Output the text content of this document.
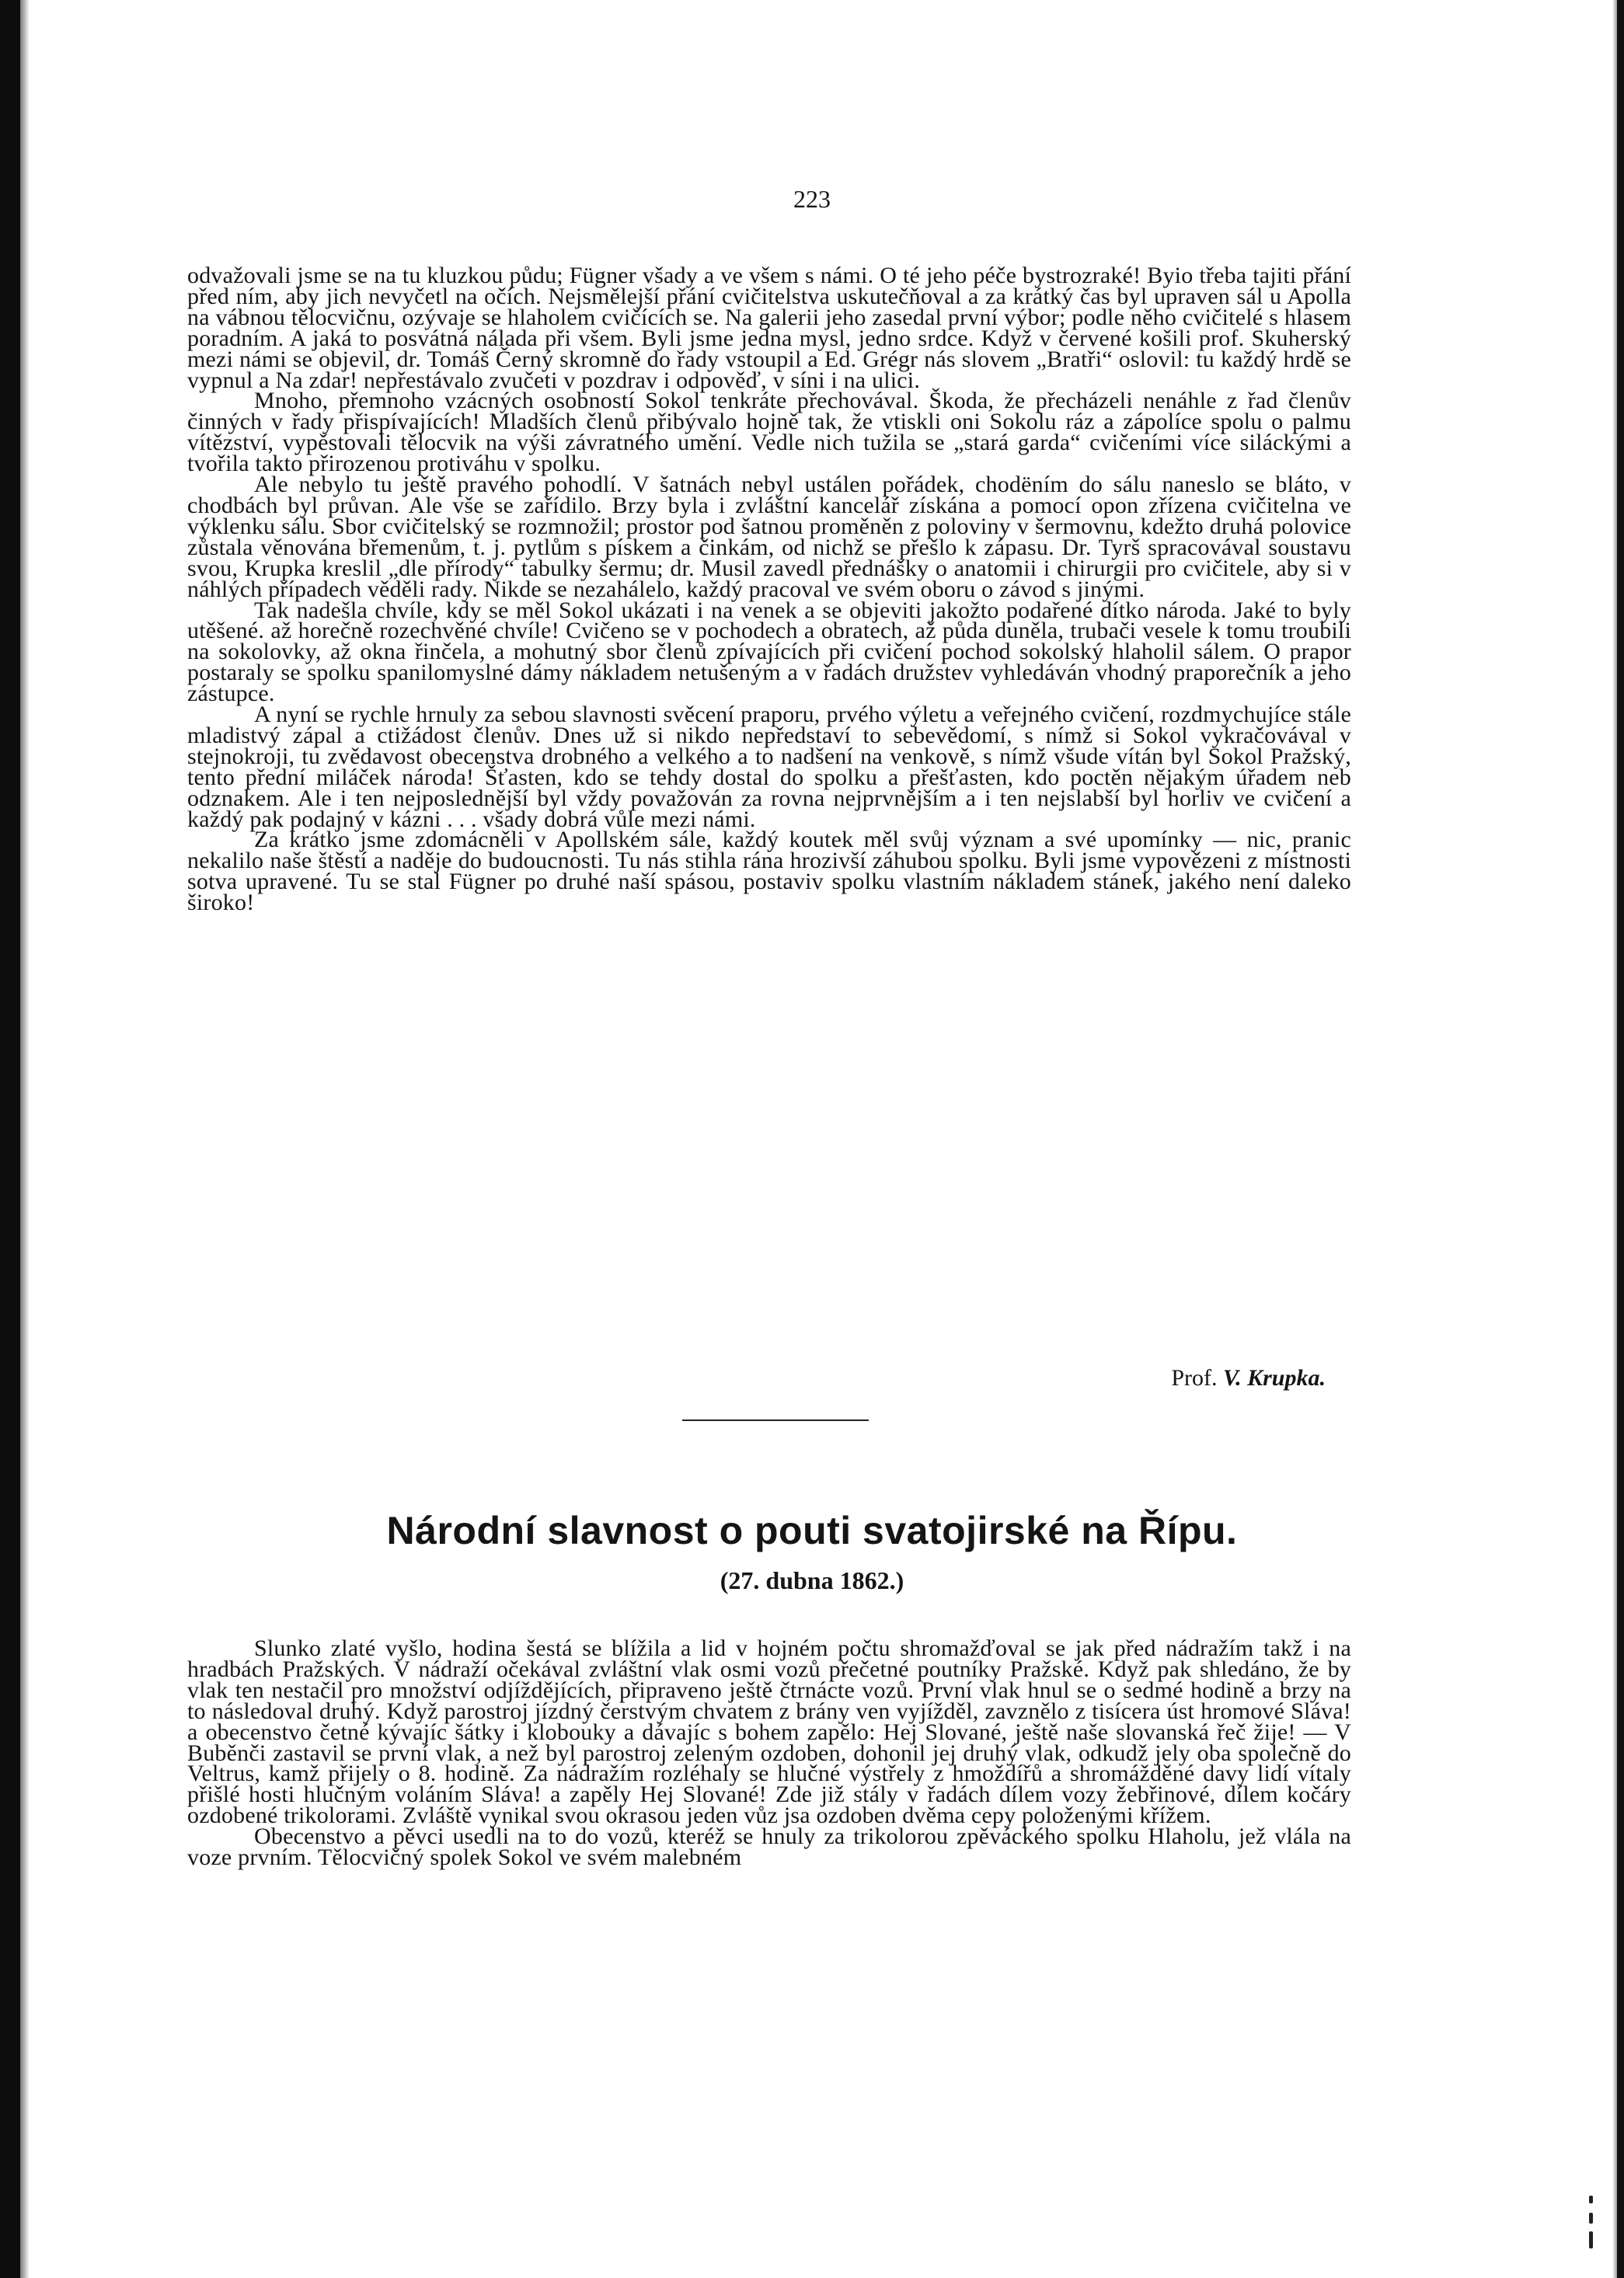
223

odvažovali jsme se na tu kluzkou půdu; Fügner všady a ve všem s námi. O té jeho péče bystrozraké! Byio třeba tajiti přání před ním, aby jich nevyčetl na očích. Nejsmělejší přání cvičitelstva uskutečňoval a za krátký čas byl upraven sál u Apolla na vábnou tělocvičnu, ozývaje se hlaholem cvičících se. Na galerii jeho zasedal první výbor; podle něho cvičitelé s hlasem poradním. A jaká to posvátná nálada při všem. Byli jsme jedna mysl, jedno srdce. Když v červené košili prof. Skuherský mezi námi se objevil, dr. Tomáš Černý skromně do řady vstoupil a Ed. Grégr nás slovem „Bratři“ oslovil: tu každý hrdě se vypnul a Na zdar! nepřestávalo zvučeti v pozdrav i odpověď, v síni i na ulici.

Mnoho, přemnoho vzácných osobností Sokol tenkráte přechovával. Škoda, že přecházeli nenáhle z řad členův činných v řady přispívajících! Mladších členů přibývalo hojně tak, že vtiskli oni Sokolu ráz a zápolíce spolu o palmu vítězství, vypěstovali tělocvik na výši závratného umění. Vedle nich tužila se „stará garda“ cvičeními více siláckými a tvořila takto přirozenou protiváhu v spolku.

Ale nebylo tu ještě pravého pohodlí. V šatnách nebyl ustálen pořádek, chodëním do sálu naneslo se bláto, v chodbách byl průvan. Ale vše se zařídilo. Brzy byla i zvláštní kancelář získána a pomocí opon zřízena cvičitelna ve výklenku sálu. Sbor cvičitelský se rozmnožil; prostor pod šatnou proměněn z poloviny v šermovnu, kdežto druhá polovice zůstala věnována břemenům, t. j. pytlům s pískem a činkám, od nichž se přešlo k zápasu. Dr. Tyrš spracovával soustavu svou, Krupka kreslil „dle přírody“ tabulky šermu; dr. Musil zavedl přednášky o anatomii i chirurgii pro cvičitele, aby si v náhlých případech věděli rady. Nikde se nezahálelo, každý pracoval ve svém oboru o závod s jinými.

Tak nadešla chvíle, kdy se měl Sokol ukázati i na venek a se objeviti jakožto podařené dítko národa. Jaké to byly utěšené. až horečně rozechvěné chvíle! Cvičeno se v pochodech a obratech, až půda duněla, trubači vesele k tomu troubili na sokolovky, až okna řinčela, a mohutný sbor členů zpívajících při cvičení pochod sokolský hlaholil sálem. O prapor postaraly se spolku spanilomyslné dámy nákladem netušeným a v řadách družstev vyhledáván vhodný praporečník a jeho zástupce.

A nyní se rychle hrnuly za sebou slavnosti svěcení praporu, prvého výletu a veřejného cvičení, rozdmychujíce stále mladistvý zápal a ctižádost členův. Dnes už si nikdo nepředstaví to sebevědomí, s nímž si Sokol vykračovával v stejnokroji, tu zvědavost obecenstva drobného a velkého a to nadšení na venkově, s nímž všude vítán byl Sokol Pražský, tento přední miláček národa! Šťasten, kdo se tehdy dostal do spolku a přešťasten, kdo poctěn nějakým úřadem neb odznakem. Ale i ten nejposlednější byl vždy považován za rovna nejprvnějším a i ten nejslabší byl horliv ve cvičení a každý pak podajný v kázni . . . všady dobrá vůle mezi námi.

Za krátko jsme zdomácněli v Apollském sále, každý koutek měl svůj význam a své upomínky — nic, pranic nekalilo naše štěstí a naděje do budoucnosti. Tu nás stihla rána hrozivší záhubou spolku. Byli jsme vypovězeni z místnosti sotva upravené. Tu se stal Fügner po druhé naší spásou, postaviv spolku vlastním nákladem stánek, jakého není daleko široko!

Prof. V. Krupka.

Národní slavnost o pouti svatojirské na Řípu.

(27. dubna 1862.)

Slunko zlaté vyšlo, hodina šestá se blížila a lid v hojném počtu shromažďoval se jak před nádražím takž i na hradbách Pražských. V nádraží očekával zvláštní vlak osmi vozů přečetné poutníky Pražské. Když pak shledáno, že by vlak ten nestačil pro množství odjíždějících, připraveno ještě čtrnácte vozů. První vlak hnul se o sedmé hodině a brzy na to následoval druhý. Když parostroj jízdný čerstvým chvatem z brány ven vyjížděl, zavznělo z tisícera úst hromové Sláva! a obecenstvo četné kývajíc šátky i klobouky a dávajíc s bohem zapělo: Hej Slované, ještě naše slovanská řeč žije! — V Buběnči zastavil se první vlak, a než byl parostroj zeleným ozdoben, dohonil jej druhý vlak, odkudž jely oba společně do Veltrus, kamž přijely o 8. hodině. Za nádražím rozléhaly se hlučné výstřely z hmoždířů a shromážděné davy lidí vítaly přišlé hosti hlučným voláním Sláva! a zapěly Hej Slované! Zde již stály v řadách dílem vozy žebřinové, dílem kočáry ozdobené trikolorami. Zvláště vynikal svou okrasou jeden vůz jsa ozdoben dvěma cepy položenými křížem.

Obecenstvo a pěvci usedli na to do vozů, kteréž se hnuly za trikolorou zpěváckého spolku Hlaholu, jež vlála na voze prvním. Tělocvičný spolek Sokol ve svém malebném
